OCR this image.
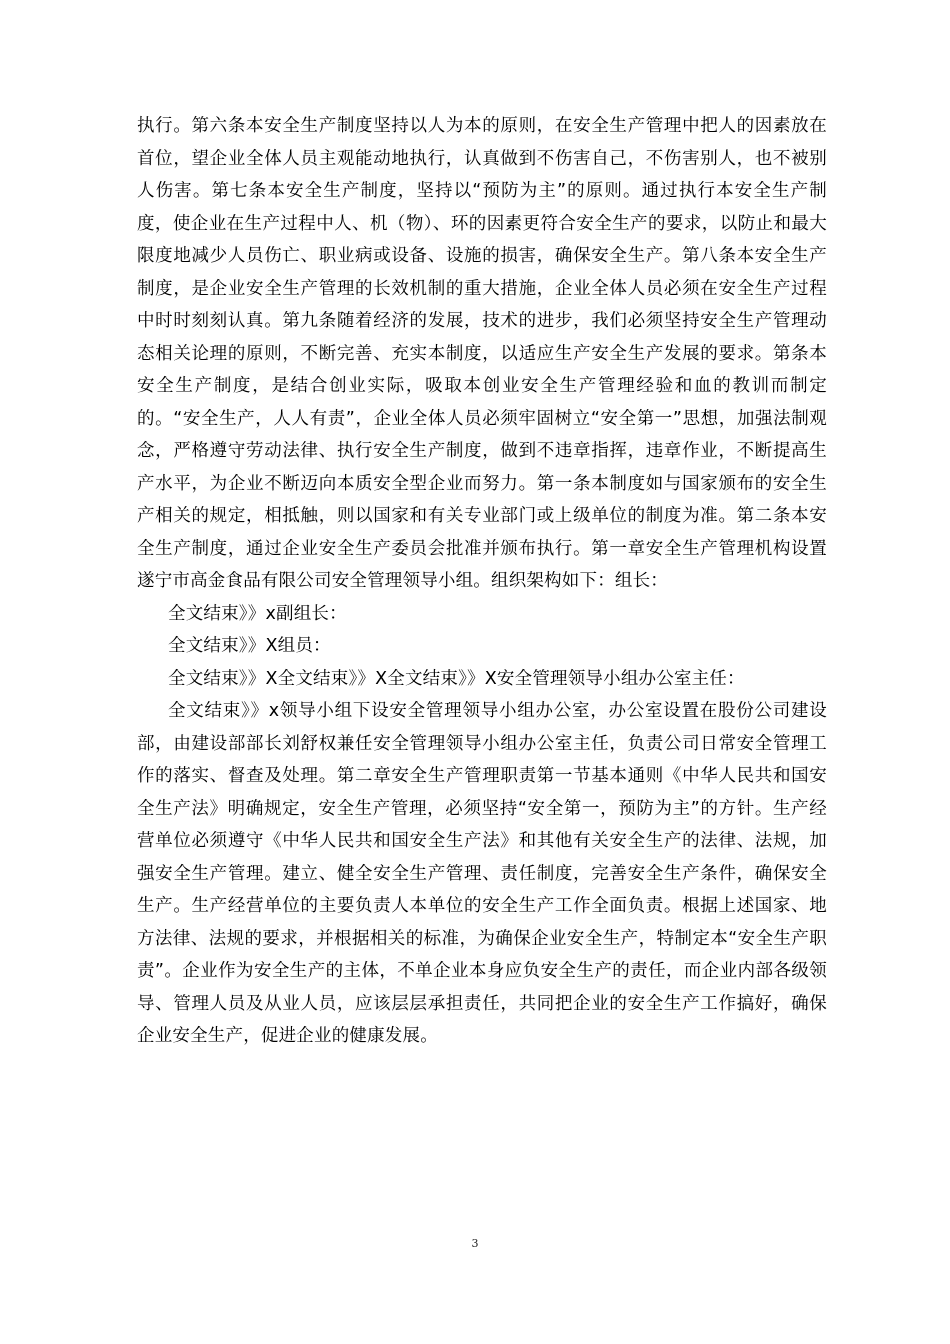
执行。第六条本安全生产制度坚持以人为本的原则，在安全生产管理中把人的因素放在首位，望企业全体人员主观能动地执行，认真做到不伤害自己，不伤害别人，也不被别人伤害。第七条本安全生产制度，坚持以“预防为主”的原则。通过执行本安全生产制度，使企业在生产过程中人、机（物）、环的因素更符合安全生产的要求，以防止和最大限度地减少人员伤亡、职业病或设备、设施的损害，确保安全生产。第八条本安全生产制度，是企业安全生产管理的长效机制的重大措施，企业全体人员必须在安全生产过程中时时刻刻认真。第九条随着经济的发展，技术的进步，我们必须坚持安全生产管理动态相关论理的原则，不断完善、充实本制度，以适应生产安全生产发展的要求。第条本安全生产制度，是结合创业实际，吸取本创业安全生产管理经验和血的教训而制定的。“安全生产，人人有责”，企业全体人员必须牢固树立“安全第一”思想，加强法制观念，严格遵守劳动法律、执行安全生产制度，做到不违章指挥，违章作业，不断提高生产水平，为企业不断迈向本质安全型企业而努力。第一条本制度如与国家颁布的安全生产相关的规定，相抵触，则以国家和有关专业部门或上级单位的制度为准。第二条本安全生产制度，通过企业安全生产委员会批准并颁布执行。第一章安全生产管理机构设置遂宁市高金食品有限公司安全管理领导小组。组织架构如下：组长：

全文结束》》x副组长：

全文结束》》X组员：

全文结束》》X全文结束》》X全文结束》》X安全管理领导小组办公室主任：

全文结束》》x领导小组下设安全管理领导小组办公室，办公室设置在股份公司建设部，由建设部部长刘舒权兼任安全管理领导小组办公室主任，负责公司日常安全管理工作的落实、督查及处理。第二章安全生产管理职责第一节基本通则《中华人民共和国安全生产法》明确规定，安全生产管理，必须坚持“安全第一，预防为主”的方针。生产经营单位必须遵守《中华人民共和国安全生产法》和其他有关安全生产的法律、法规，加强安全生产管理。建立、健全安全生产管理、责任制度，完善安全生产条件，确保安全生产。生产经营单位的主要负责人本单位的安全生产工作全面负责。根据上述国家、地方法律、法规的要求，并根据相关的标准，为确保企业安全生产，特制定本“安全生产职责”。企业作为安全生产的主体，不单企业本身应负安全生产的责任，而企业内部各级领导、管理人员及从业人员，应该层层承担责任，共同把企业的安全生产工作搞好，确保企业安全生产，促进企业的健康发展。

3
